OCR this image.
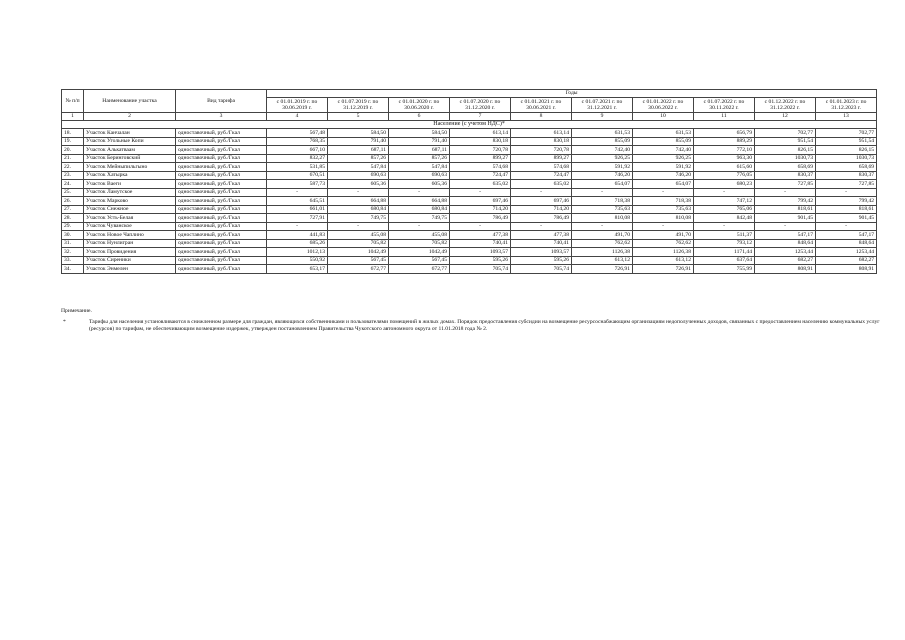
№ п/п	Наименование участка	Вид тарифа	Годы									
			с 01.01.2019 г. по 30.06.2019 г.	с 01.07.2019 г. по 31.12.2019 г.	с 01.01.2020 г. по 30.06.2020 г.	с 01.07.2020 г. по 31.12.2020 г.	с 01.01.2021 г. по 30.06.2021 г.	с 01.07.2021 г. по 31.12.2021 г.	с 01.01.2022 г. по 30.06.2022 г.	с 01.07.2022 г. по 30.11.2022 г.	с 01.12.2022 г. по 31.12.2022 г.	с 01.01.2023 г. по 31.12.2023 г.
1	2	3	4	5	6	7	8	9	10	11	12	13
Население (с учетом НДС)*												
18.	Участок Канчалан	одноставочный, руб./Гкал	567,48	584,50	584,50	613,14	613,14	631,53	631,53	656,79	702,77	702,77
19.	Участок Угольные Копи	одноставочный, руб./Гкал	768,35	791,40	791,40	830,18	830,18	855,09	855,09	889,29	951,54	951,54
20.	Участок Алькатваам	одноставочный, руб./Гкал	667,10	687,11	687,11	720,78	720,78	742,40	742,40	772,10	826,15	826,15
21.	Участок Беринговский	одноставочный, руб./Гкал	832,27	857,26	857,26	899,27	899,27	926,25	926,25	963,30	1030,73	1030,73
22.	Участок Мейныпильгыно	одноставочный, руб./Гкал	531,85	547,84	547,84	574,68	574,68	591,92	591,92	615,60	658,69	658,69
23.	Участок Хатырка	одноставочный, руб./Гкал	670,51	690,63	690,63	724,47	724,47	746,20	746,20	776,05	830,37	830,37
24.	Участок Ваеги	одноставочный, руб./Гкал	587,73	605,36	605,36	635,02	635,02	654,07	654,07	680,23	727,85	727,85
25.	Участок Ламутское	одноставочный, руб./Гкал	-	-	-	-	-	-	-	-	-	-
26.	Участок Марково	одноставочный, руб./Гкал	645,51	664,88	664,88	697,46	697,46	718,38	718,38	747,12	799,42	799,42
27.	Участок Снежное	одноставочный, руб./Гкал	661,01	680,84	680,84	714,20	714,20	735,63	735,63	765,06	818,61	818,61
28.	Участок Усть-Белая	одноставочный, руб./Гкал	727,91	749,75	749,75	786,49	786,49	810,08	810,08	842,48	901,45	901,45
29.	Участок Чуванское	одноставочный, руб./Гкал	-	-	-	-	-	-	-	-	-	-
30.	Участок Новое Чаплино	одноставочный, руб./Гкал	441,83	455,08	455,08	477,38	477,38	491,70	491,70	511,37	547,17	547,17
31.	Участок Нунлигран	одноставочный, руб./Гкал	685,26	705,82	705,82	740,41	740,41	762,62	762,62	793,12	848,64	848,64
32.	Участок Провидения	одноставочный, руб./Гкал	1012,13	1042,49	1042,49	1093,57	1093,57	1126,38	1126,38	1171,44	1253,44	1253,44
33.	Участок Сиреники	одноставочный, руб./Гкал	550,92	567,45	567,45	595,26	595,26	613,12	613,12	637,64	682,27	682,27
34.	Участок Энмелен	одноставочный, руб./Гкал	653,17	672,77	672,77	705,74	705,74	726,91	726,91	755,99	808,91	808,91
Примечание.
*	Тарифы для населения установливаются в снижленном размере для граждан, являющихся собственниками и пользователями помещений в жилых домах. Порядок предоставления субсидии на возмещение ресурсоснабжающим организациям недополученных доходов, связанных с предоставлением населению коммунальных услуг (ресурсов) по тарифам, не обеспечивающим возмещение издержек, утвержден постановлением Правительства Чукотского автономного округа от 11.01.2018 года № 2.
